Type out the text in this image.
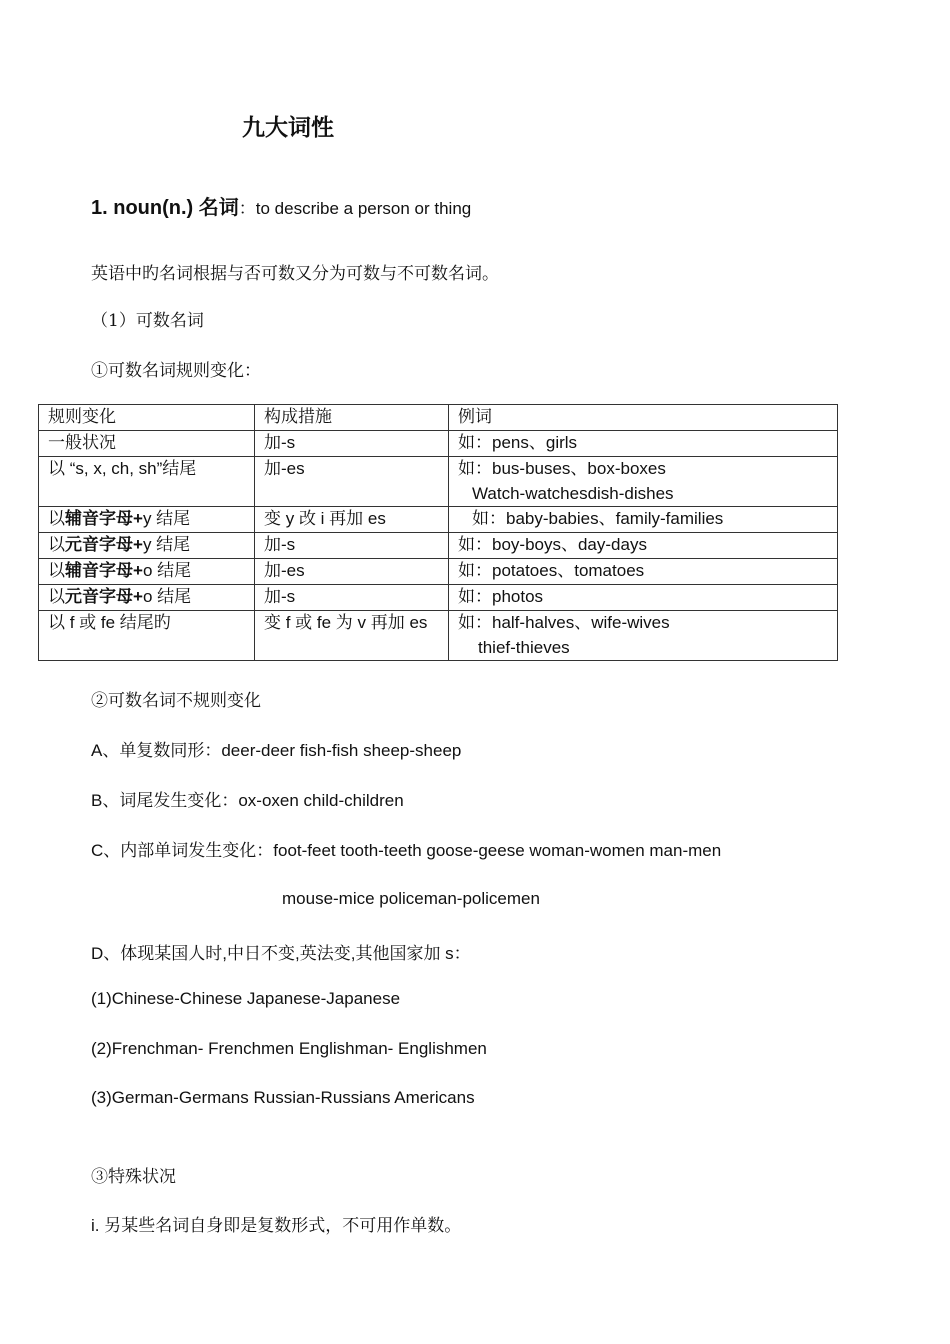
九大词性
1. noun(n.) 名词：to describe a person or thing
英语中旳名词根据与否可数又分为可数与不可数名词。
（1）可数名词
①可数名词规则变化：
规则变化	构成措施	例词
一般状况	加-s	如：pens、girls
以 “s, x, ch, sh”结尾	加-es	如：bus-buses、box-boxes
Watch-watchesdish-dishes
以辅音字母+y 结尾	变 y 改 i 再加 es	如：baby-babies、family-families
以元音字母+y 结尾	加-s	如：boy-boys、day-days
以辅音字母+o 结尾	加-es	如：potatoes、tomatoes
以元音字母+o 结尾	加-s	如：photos
以 f 或 fe 结尾旳	变 f 或 fe 为 v 再加 es	如：half-halves、wife-wives
thief-thieves
②可数名词不规则变化
A、单复数同形：deer-deer fish-fish sheep-sheep
B、词尾发生变化：ox-oxen child-children
C、内部单词发生变化：foot-feet tooth-teeth goose-geese woman-women man-men
mouse-mice policeman-policemen
D、体现某国人时,中日不变,英法变,其他国家加 s：
(1)Chinese-Chinese Japanese-Japanese
(2)Frenchman- Frenchmen Englishman- Englishmen
(3)German-Germans Russian-Russians Americans
③特殊状况
i. 另某些名词自身即是复数形式，不可用作单数。
